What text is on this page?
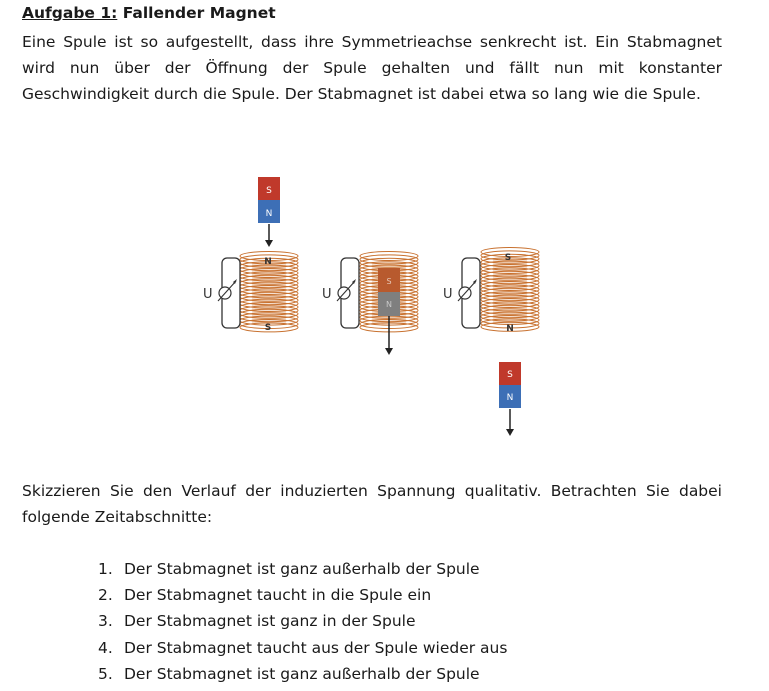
Aufgabe 1: Fallender Magnet

Eine Spule ist so aufgestellt, dass ihre Symmetrieachse senkrecht ist. Ein Stabmagnet wird nun über der Öffnung der Spule gehalten und fällt nun mit konstanter Geschwindigkeit durch die Spule. Der Stabmagnet ist dabei etwa so lang wie die Spule.

S
N
N
S
U
S
N
U
S
N
U
S
N

Skizzieren Sie den Verlauf der induzierten Spannung qualitativ. Betrachten Sie dabei folgende Zeitabschnitte:

1. Der Stabmagnet ist ganz außerhalb der Spule
2. Der Stabmagnet taucht in die Spule ein
3. Der Stabmagnet ist ganz in der Spule
4. Der Stabmagnet taucht aus der Spule wieder aus
5. Der Stabmagnet ist ganz außerhalb der Spule
